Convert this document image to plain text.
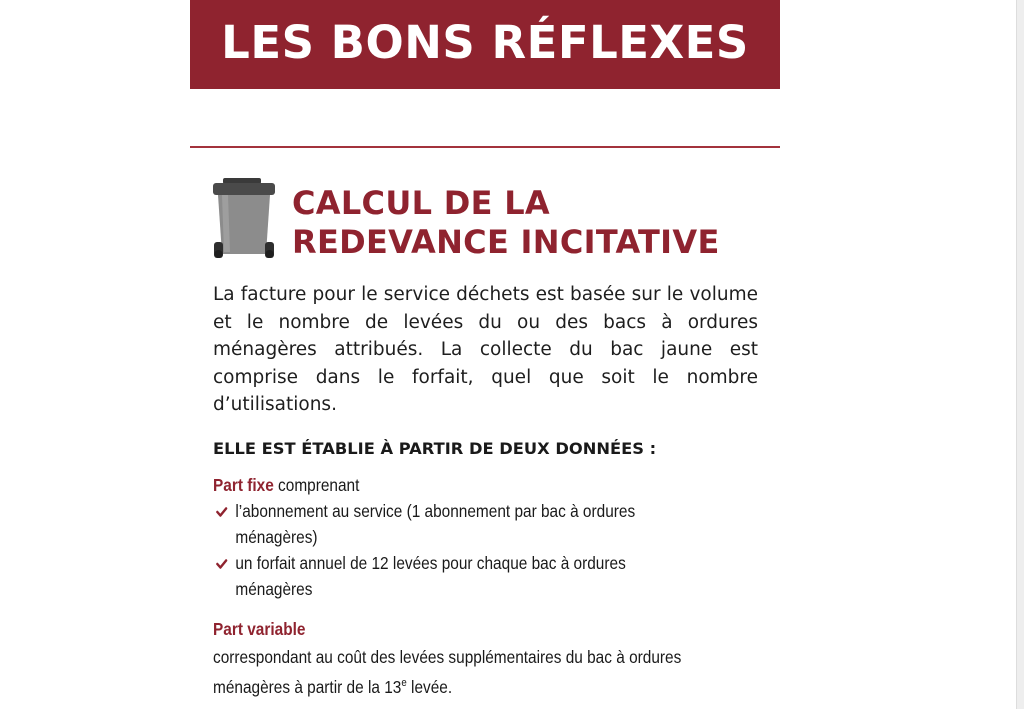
LES BONS RÉFLEXES
CALCUL DE LA
REDEVANCE INCITATIVE

La facture pour le service déchets est basée sur le volume et le nombre de levées du ou des bacs à ordures ménagères attribués. La collecte du bac jaune est comprise dans le forfait, quel que soit le nombre d’utilisations.

ELLE EST ÉTABLIE À PARTIR DE DEUX DONNÉES :

Part fixe comprenant

l’abonnement au service (1 abonnement par bac à ordures
ménagères)
un forfait annuel de 12 levées pour chaque bac à ordures
ménagères

Part variable

correspondant au coût des levées supplémentaires du bac à ordures
ménagères à partir de la 13e levée.
